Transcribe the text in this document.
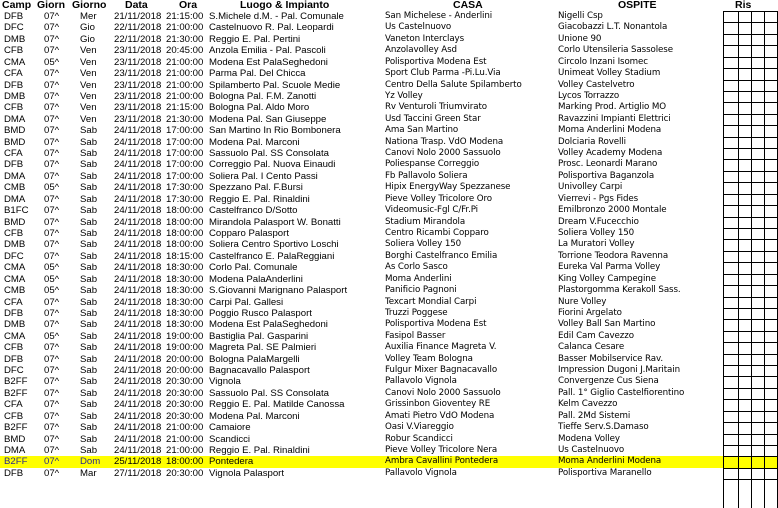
Camp Giorn Giorno Data	Ora	Luogo & Impianto	CASA	OSPITE	Ris
DFB	07^	Mer	21/11/2018 21:15:00 S.Michele d.M. - Pal. Comunale	San Michelese - Anderlini	Nigelli Csp
DFC	07^	Gio	22/11/2018 21:00:00 Castelnuovo R. Pal. Leopardi	Us Castelnuovo	Giacobazzi L.T. Nonantola
DMB	07^	Gio	22/11/2018 21:30:00 Reggio E. Pal. Pertini	Vaneton Interclays	Unione 90
CFB	07^	Ven	23/11/2018 20:45:00 Anzola Emilia - Pal. Pascoli	Anzolavolley Asd	Corlo Utensileria Sassolese
CMA	05^	Ven	23/11/2018 21:00:00 Modena Est PalaSeghedoni	Polisportiva Modena Est	Circolo Inzani Isomec
CFA	07^	Ven	23/11/2018 21:00:00 Parma Pal. Del Chicca	Sport Club Parma -Pi.Lu.Via	Unimeat Volley Stadium
DFB	07^	Ven	23/11/2018 21:00:00 Spilamberto Pal. Scuole Medie	Centro Della Salute Spilamberto	Volley Castelvetro
DMB	07^	Ven	23/11/2018 21:00:00 Bologna Pal. F.M. Zanotti	Yz Volley	Lycos Torrazzo
CFB	07^	Ven	23/11/2018 21:15:00 Bologna Pal. Aldo Moro	Rv Venturoli Triumvirato	Marking Prod. Artiglio MO
DMA	07^	Ven	23/11/2018 21:30:00 Modena Pal. San Giuseppe	Usd Taccini Green Star	Ravazzini Impianti Elettrici
BMD	07^	Sab	24/11/2018 17:00:00 San Martino In Rio Bombonera	Ama San Martino	Moma Anderlini Modena
BMD	07^	Sab	24/11/2018 17:00:00 Modena Pal. Marconi	Nationa Trasp. VdO Modena	Dolciaria Rovelli
CFA	07^	Sab	24/11/2018 17:00:00 Sassuolo Pal. SS Consolata	Canovi Nolo 2000 Sassuolo	Volley Academy Modena
DFB	07^	Sab	24/11/2018 17:00:00 Correggio Pal. Nuova Einaudi	Poliespanse Correggio	Prosc. Leonardi Marano
DMA	07^	Sab	24/11/2018 17:00:00 Soliera Pal. I Cento Passi	Fb Pallavolo Soliera	Polisportiva Baganzola
CMB	05^	Sab	24/11/2018 17:30:00 Spezzano Pal. F.Bursi	Hipix EnergyWay Spezzanese	Univolley Carpi
DMA	07^	Sab	24/11/2018 17:30:00 Reggio E. Pal. Rinaldini	Pieve Volley Tricolore Oro	Vierrevi - Pgs Fides
B1FC	07^	Sab	24/11/2018 18:00:00 Castelfranco D/Sotto	Videomusic-Fgl C/Fr.Pi	Emilbronzo 2000 Montale
BMD	07^	Sab	24/11/2018 18:00:00 Mirandola Palasport W. Bonatti	Stadium Mirandola	Dream V.Fucecchio
CFB	07^	Sab	24/11/2018 18:00:00 Copparo Palasport	Centro Ricambi Copparo	Soliera Volley 150
DMB	07^	Sab	24/11/2018 18:00:00 Soliera Centro Sportivo Loschi	Soliera Volley 150	La Muratori Volley
DFC	07^	Sab	24/11/2018 18:15:00 Castelfranco E. PalaReggiani	Borghi Castelfranco Emilia	Torrione Teodora Ravenna
CMA	05^	Sab	24/11/2018 18:30:00 Corlo Pal. Comunale	As Corlo Sasco	Eureka Val Parma Volley
CMA	05^	Sab	24/11/2018 18:30:00 Modena PalaAnderlini	Moma Anderlini	King Volley Campegine
CMB	05^	Sab	24/11/2018 18:30:00 S.Giovanni Marignano Palasport	Panificio Pagnoni	Plastorgomma Kerakoll Sass.
CFA	07^	Sab	24/11/2018 18:30:00 Carpi Pal. Gallesi	Texcart Mondial Carpi	Nure Volley
DFB	07^	Sab	24/11/2018 18:30:00 Poggio Rusco Palasport	Truzzi Poggese	Fiorini Argelato
DMB	07^	Sab	24/11/2018 18:30:00 Modena Est PalaSeghedoni	Polisportiva Modena Est	Volley Ball San Martino
CMA	05^	Sab	24/11/2018 19:00:00 Bastiglia Pal. Gasparini	Fasipol Basser	Edil Cam Cavezzo
CFB	07^	Sab	24/11/2018 19:00:00 Magreta Pal. SE Palmieri	Auxilia Finance Magreta V.	Calanca Cesare
DFB	07^	Sab	24/11/2018 20:00:00 Bologna PalaMargelli	Volley Team Bologna	Basser Mobilservice Rav.
DFC	07^	Sab	24/11/2018 20:00:00 Bagnacavallo Palasport	Fulgur Mixer Bagnacavallo	Impression Dugoni J.Maritain
B2FF	07^	Sab	24/11/2018 20:30:00 Vignola	Pallavolo Vignola	Convergenze Cus Siena
B2FF	07^	Sab	24/11/2018 20:30:00 Sassuolo Pal. SS Consolata	Canovi Nolo 2000 Sassuolo	Pall. 1° Giglio Castelfiorentino
CFA	07^	Sab	24/11/2018 20:30:00 Reggio E. Pal. Matilde Canossa	Grissinbon Gioventey RE	Kelm Cavezzo
CFB	07^	Sab	24/11/2018 20:30:00 Modena Pal. Marconi	Amati Pietro VdO Modena	Pall. 2Md Sistemi
B2FF	07^	Sab	24/11/2018 21:00:00 Camaiore	Oasi V.Viareggio	Tieffe Serv.S.Damaso
BMD	07^	Sab	24/11/2018 21:00:00 Scandicci	Robur Scandicci	Modena Volley
DMA	07^	Sab	24/11/2018 21:00:00 Reggio E. Pal. Rinaldini	Pieve Volley Tricolore Nera	Us Castelnuovo
B2FF	07^	Dom	25/11/2018 18:00:00 Pontedera	Ambra Cavallini Pontedera	Moma Anderlini Modena
DFB	07^	Mar	27/11/2018 20:30:00 Vignola Palasport	Pallavolo Vignola	Polisportiva Maranello
